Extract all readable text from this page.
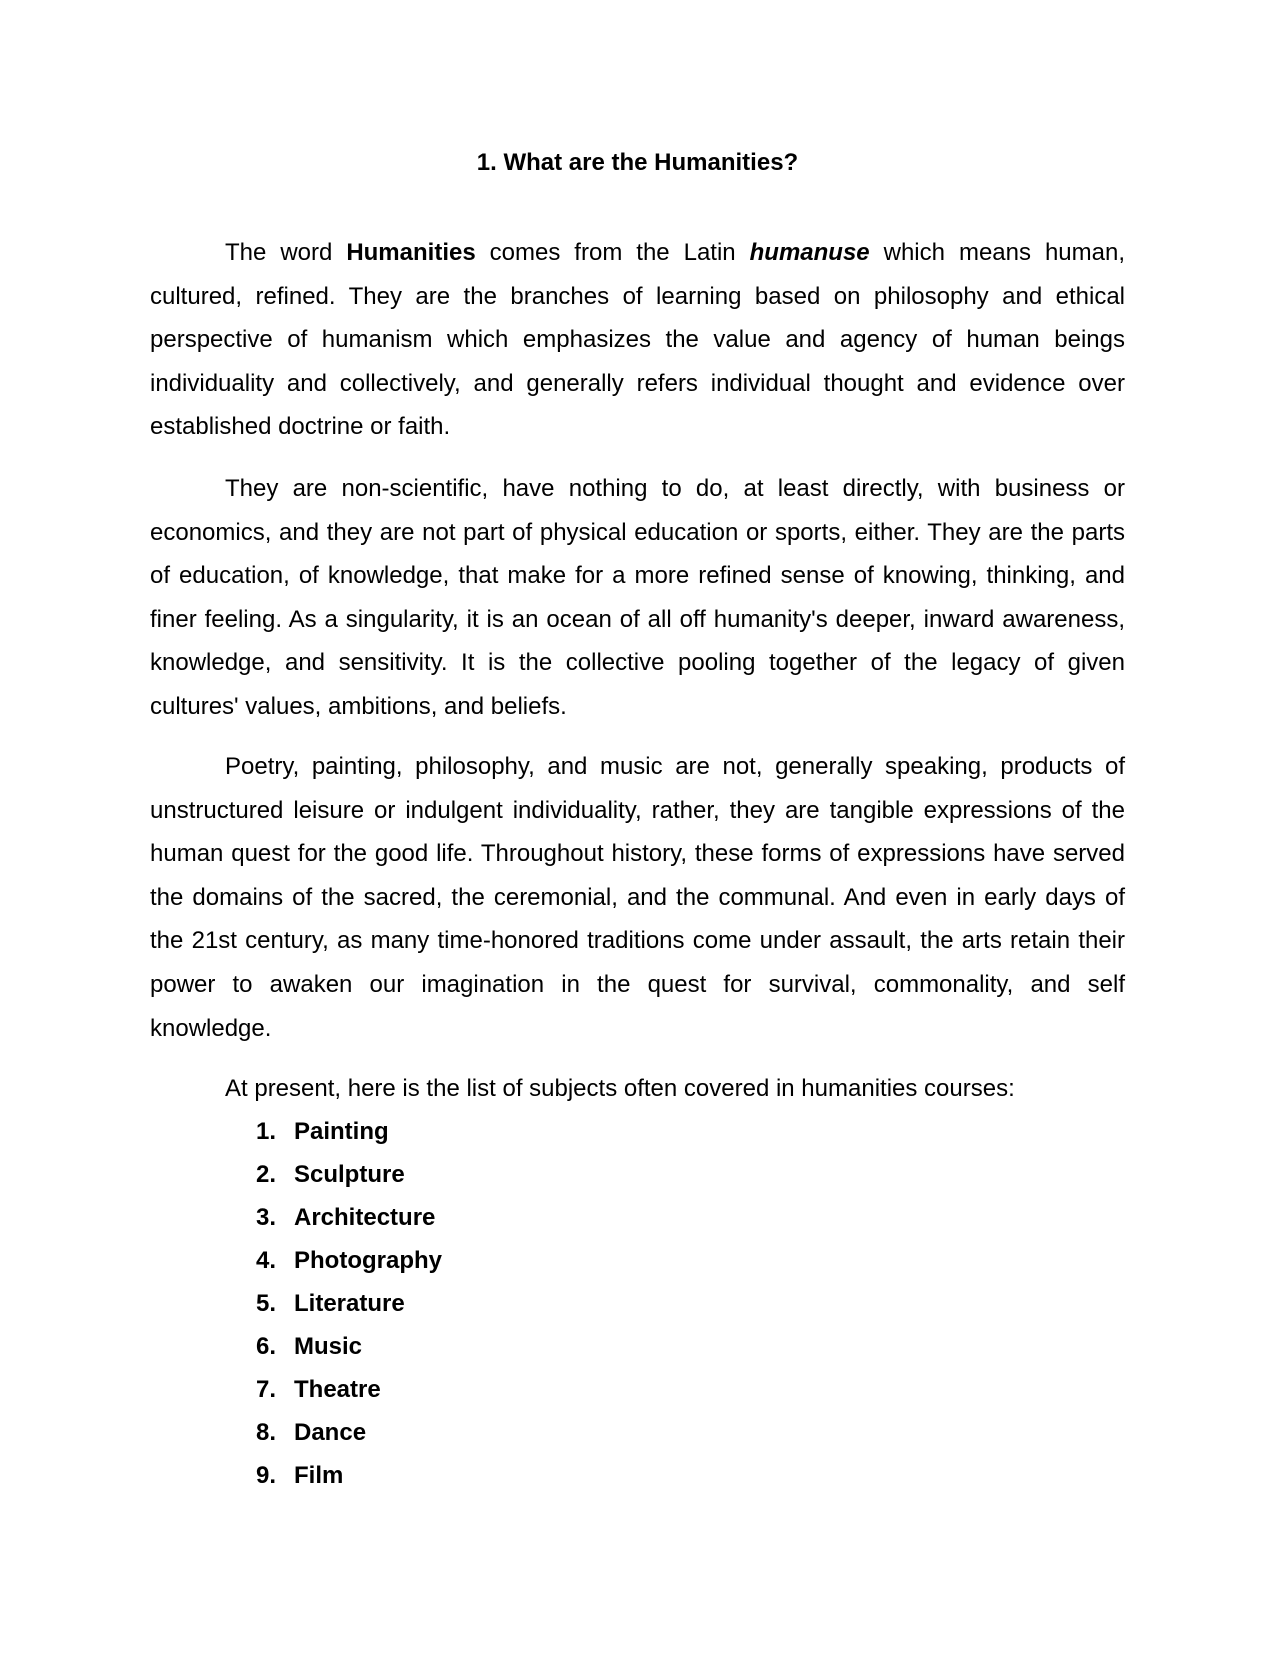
1. What are the Humanities?

The word Humanities comes from the Latin humanuse which means human, cultured, refined. They are the branches of learning based on philosophy and ethical perspective of humanism which emphasizes the value and agency of human beings individuality and collectively, and generally refers individual thought and evidence over established doctrine or faith.

They are non-scientific, have nothing to do, at least directly, with business or economics, and they are not part of physical education or sports, either. They are the parts of education, of knowledge, that make for a more refined sense of knowing, thinking, and finer feeling. As a singularity, it is an ocean of all off humanity's deeper, inward awareness, knowledge, and sensitivity. It is the collective pooling together of the legacy of given cultures' values, ambitions, and beliefs.

Poetry, painting, philosophy, and music are not, generally speaking, products of unstructured leisure or indulgent individuality, rather, they are tangible expressions of the human quest for the good life. Throughout history, these forms of expressions have served the domains of the sacred, the ceremonial, and the communal. And even in early days of the 21st century, as many time-honored traditions come under assault, the arts retain their power to awaken our imagination in the quest for survival, commonality, and self knowledge.

At present, here is the list of subjects often covered in humanities courses:

1. Painting
2. Sculpture
3. Architecture
4. Photography
5. Literature
6. Music
7. Theatre
8. Dance
9. Film
